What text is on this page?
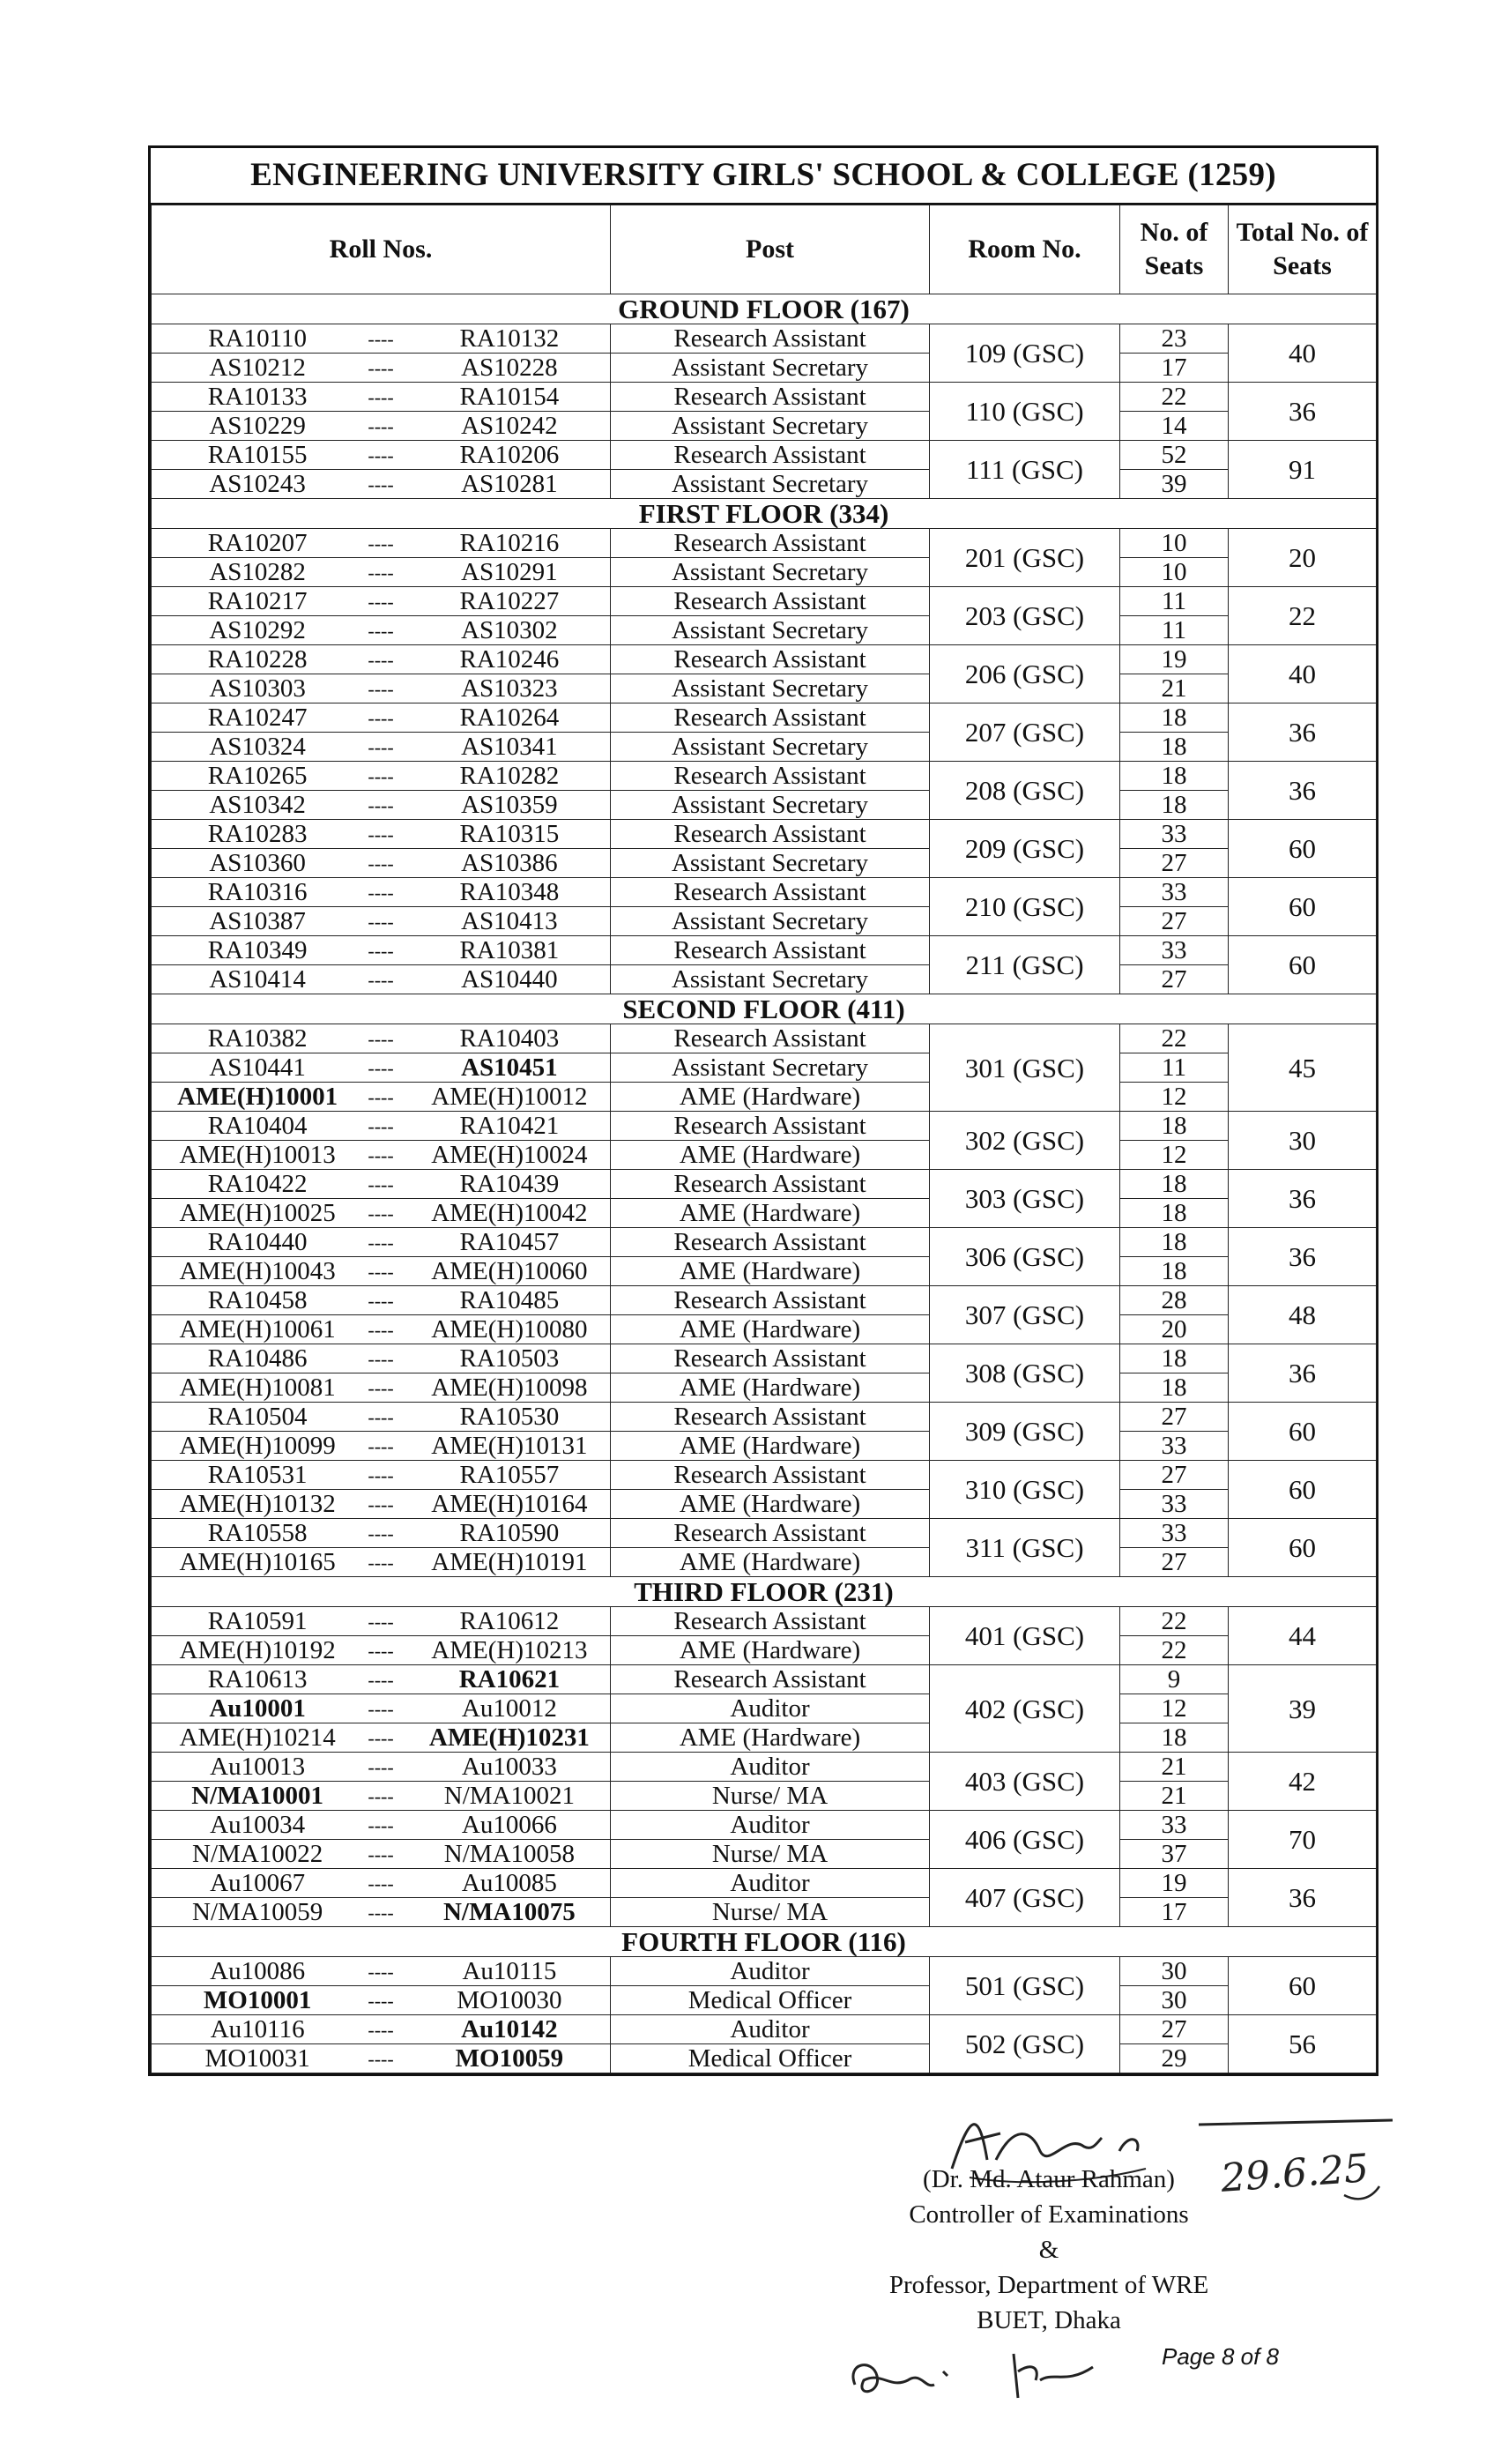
ENGINEERING UNIVERSITY GIRLS' SCHOOL & COLLEGE (1259)
Roll Nos.	Post	Room No.	No. of Seats	Total No. of Seats
GROUND FLOOR (167)				

RA10110 ---- RA10132	Research Assistant	109 (GSC)	23	40

AS10212 ---- AS10228	Assistant Secretary		17	

RA10133 ---- RA10154	Research Assistant	110 (GSC)	22	36

AS10229 ---- AS10242	Assistant Secretary		14	

RA10155 ---- RA10206	Research Assistant	111 (GSC)	52	91

AS10243 ---- AS10281	Assistant Secretary		39	
FIRST FLOOR (334)				

RA10207 ---- RA10216	Research Assistant	201 (GSC)	10	20

AS10282 ---- AS10291	Assistant Secretary		10	

RA10217 ---- RA10227	Research Assistant	203 (GSC)	11	22

AS10292 ---- AS10302	Assistant Secretary		11	

RA10228 ---- RA10246	Research Assistant	206 (GSC)	19	40

AS10303 ---- AS10323	Assistant Secretary		21	

RA10247 ---- RA10264	Research Assistant	207 (GSC)	18	36

AS10324 ---- AS10341	Assistant Secretary		18	

RA10265 ---- RA10282	Research Assistant	208 (GSC)	18	36

AS10342 ---- AS10359	Assistant Secretary		18	

RA10283 ---- RA10315	Research Assistant	209 (GSC)	33	60

AS10360 ---- AS10386	Assistant Secretary		27	

RA10316 ---- RA10348	Research Assistant	210 (GSC)	33	60

AS10387 ---- AS10413	Assistant Secretary		27	

RA10349 ---- RA10381	Research Assistant	211 (GSC)	33	60

AS10414 ---- AS10440	Assistant Secretary		27	
SECOND FLOOR (411)				

RA10382 ---- RA10403	Research Assistant	301 (GSC)	22	45

AS10441 ---- AS10451	Assistant Secretary		11	

AME(H)10001 ---- AME(H)10012	AME (Hardware)		12	

RA10404 ---- RA10421	Research Assistant	302 (GSC)	18	30

AME(H)10013 ---- AME(H)10024	AME (Hardware)		12	

RA10422 ---- RA10439	Research Assistant	303 (GSC)	18	36

AME(H)10025 ---- AME(H)10042	AME (Hardware)		18	

RA10440 ---- RA10457	Research Assistant	306 (GSC)	18	36

AME(H)10043 ---- AME(H)10060	AME (Hardware)		18	

RA10458 ---- RA10485	Research Assistant	307 (GSC)	28	48

AME(H)10061 ---- AME(H)10080	AME (Hardware)		20	

RA10486 ---- RA10503	Research Assistant	308 (GSC)	18	36

AME(H)10081 ---- AME(H)10098	AME (Hardware)		18	

RA10504 ---- RA10530	Research Assistant	309 (GSC)	27	60

AME(H)10099 ---- AME(H)10131	AME (Hardware)		33	

RA10531 ---- RA10557	Research Assistant	310 (GSC)	27	60

AME(H)10132 ---- AME(H)10164	AME (Hardware)		33	

RA10558 ---- RA10590	Research Assistant	311 (GSC)	33	60

AME(H)10165 ---- AME(H)10191	AME (Hardware)		27	
THIRD FLOOR (231)				

RA10591 ---- RA10612	Research Assistant	401 (GSC)	22	44

AME(H)10192 ---- AME(H)10213	AME (Hardware)		22	

RA10613 ---- RA10621	Research Assistant	402 (GSC)	9	39

Au10001 ---- Au10012	Auditor		12	

AME(H)10214 ---- AME(H)10231	AME (Hardware)		18	

Au10013 ---- Au10033	Auditor	403 (GSC)	21	42

N/MA10001 ---- N/MA10021	Nurse/ MA		21	

Au10034 ---- Au10066	Auditor	406 (GSC)	33	70

N/MA10022 ---- N/MA10058	Nurse/ MA		37	

Au10067 ---- Au10085	Auditor	407 (GSC)	19	36

N/MA10059 ---- N/MA10075	Nurse/ MA		17	
FOURTH FLOOR (116)				

Au10086 ---- Au10115	Auditor	501 (GSC)	30	60

MO10001 ---- MO10030	Medical Officer		30	

Au10116 ---- Au10142	Auditor	502 (GSC)	27	56

MO10031 ---- MO10059	Medical Officer		29	
29.6.25
(Dr. Md. Ataur Rahman)
Controller of Examinations
&
Professor, Department of WRE
BUET, Dhaka
Page 8 of 8
